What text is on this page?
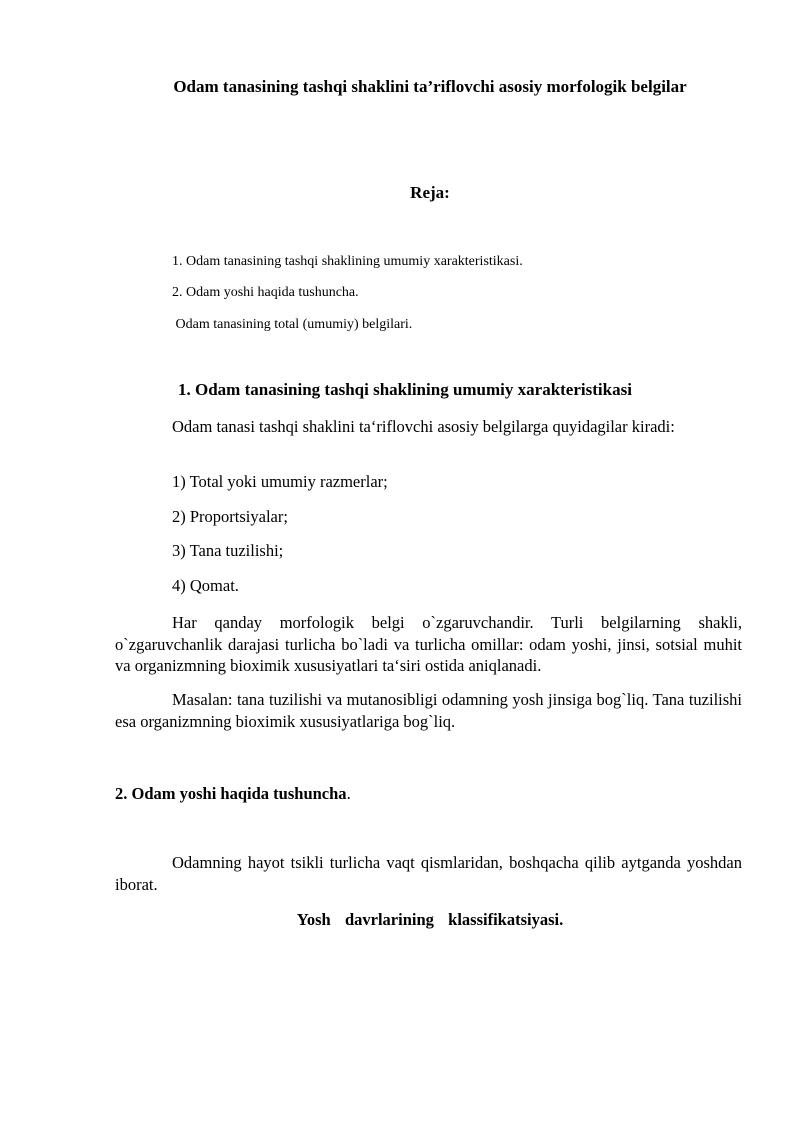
Odam tanasining tashqi shaklini ta’riflovchi asosiy morfologik belgilar
Reja:
1. Odam tanasining tashqi shaklining umumiy xarakteristikasi.
2. Odam yoshi haqida tushuncha.
Odam tanasining total (umumiy) belgilari.
1. Odam tanasining tashqi shaklining umumiy xarakteristikasi

Odam tanasi tashqi shaklini ta‘riflovchi asosiy belgilarga quyidagilar kiradi:

1) Total yoki umumiy razmerlar;
2) Proportsiyalar;
3) Tana tuzilishi;
4) Qomat.

Har qanday morfologik belgi o`zgaruvchandir. Turli belgilarning shakli, o`zgaruvchanlik darajasi turlicha bo`ladi va turlicha omillar: odam yoshi, jinsi, sotsial muhit va organizmning bioximik xususiyatlari ta‘siri ostida aniqlanadi.

Masalan: tana tuzilishi va mutanosibligi odamning yosh jinsiga bog`liq. Tana tuzilishi esa organizmning bioximik xususiyatlariga bog`liq.

2. Odam yoshi haqida tushuncha.

Odamning hayot tsikli turlicha vaqt qismlaridan, boshqacha qilib aytganda yoshdan iborat.

Yosh  davrlarining  klassifikatsiyasi.
